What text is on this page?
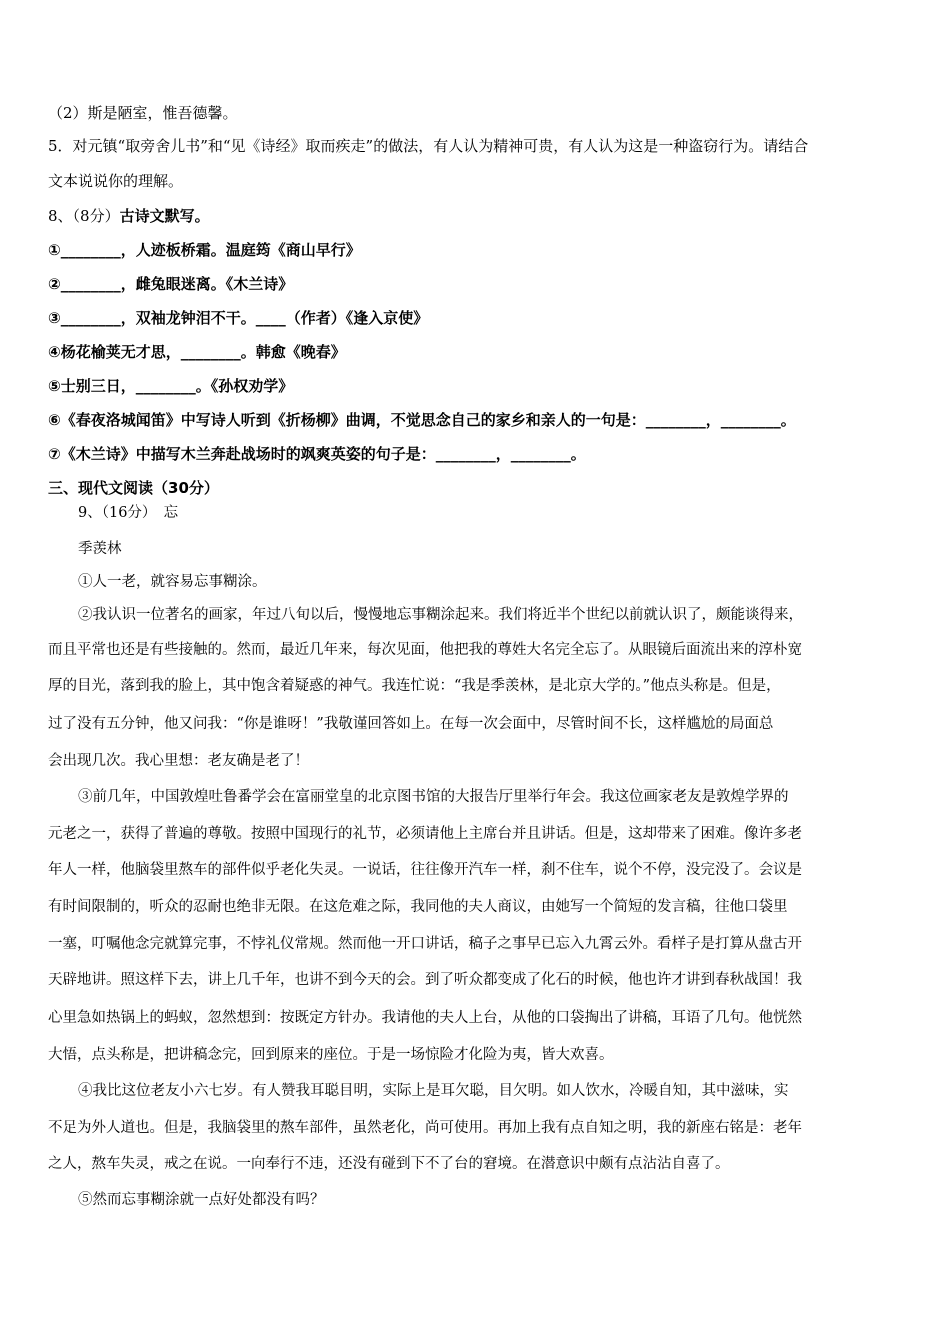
（2）斯是陋室，惟吾德馨。
5．对元镇“取旁舍儿书”和“见《诗经》取而疾走”的做法，有人认为精神可贵，有人认为这是一种盗窃行为。请结合
文本说说你的理解。
8、（8分）古诗文默写。
①________，人迹板桥霜。温庭筠《商山早行》
②________，雌兔眼迷离。《木兰诗》
③________，双袖龙钟泪不干。____（作者）《逢入京使》
④杨花榆荚无才思，________。韩愈《晚春》
⑤士别三日，________。《孙权劝学》
⑥《春夜洛城闻笛》中写诗人听到《折杨柳》曲调，不觉思念自己的家乡和亲人的一句是：________，________。
⑦《木兰诗》中描写木兰奔赴战场时的飒爽英姿的句子是：________，________。
三、现代文阅读（30分）
9、（16分）　忘
季羡林
①人一老，就容易忘事糊涂。
②我认识一位著名的画家，年过八旬以后，慢慢地忘事糊涂起来。我们将近半个世纪以前就认识了，颇能谈得来，
而且平常也还是有些接触的。然而，最近几年来，每次见面，他把我的尊姓大名完全忘了。从眼镜后面流出来的淳朴宽
厚的目光，落到我的脸上，其中饱含着疑惑的神气。我连忙说：“我是季羡林，是北京大学的。”他点头称是。但是，
过了没有五分钟，他又问我：“你是谁呀！”我敬谨回答如上。在每一次会面中，尽管时间不长，这样尴尬的局面总
会出现几次。我心里想：老友确是老了！
③前几年，中国敦煌吐鲁番学会在富丽堂皇的北京图书馆的大报告厅里举行年会。我这位画家老友是敦煌学界的
元老之一，获得了普遍的尊敬。按照中国现行的礼节，必须请他上主席台并且讲话。但是，这却带来了困难。像许多老
年人一样，他脑袋里熬车的部件似乎老化失灵。一说话，往往像开汽车一样，刹不住车，说个不停，没完没了。会议是
有时间限制的，听众的忍耐也绝非无限。在这危难之际，我同他的夫人商议，由她写一个简短的发言稿，往他口袋里
一塞，叮嘱他念完就算完事，不悖礼仪常规。然而他一开口讲话，稿子之事早已忘入九霄云外。看样子是打算从盘古开
天辟地讲。照这样下去，讲上几千年，也讲不到今天的会。到了听众都变成了化石的时候，他也许才讲到春秋战国！我
心里急如热锅上的蚂蚁，忽然想到：按既定方针办。我请他的夫人上台，从他的口袋掏出了讲稿，耳语了几句。他恍然
大悟，点头称是，把讲稿念完，回到原来的座位。于是一场惊险才化险为夷，皆大欢喜。
④我比这位老友小六七岁。有人赞我耳聪目明，实际上是耳欠聪，目欠明。如人饮水，冷暖自知，其中滋味，实
不足为外人道也。但是，我脑袋里的熬车部件，虽然老化，尚可使用。再加上我有点自知之明，我的新座右铭是：老年
之人，熬车失灵，戒之在说。一向奉行不违，还没有碰到下不了台的窘境。在潜意识中颇有点沾沾自喜了。
⑤然而忘事糊涂就一点好处都没有吗？
